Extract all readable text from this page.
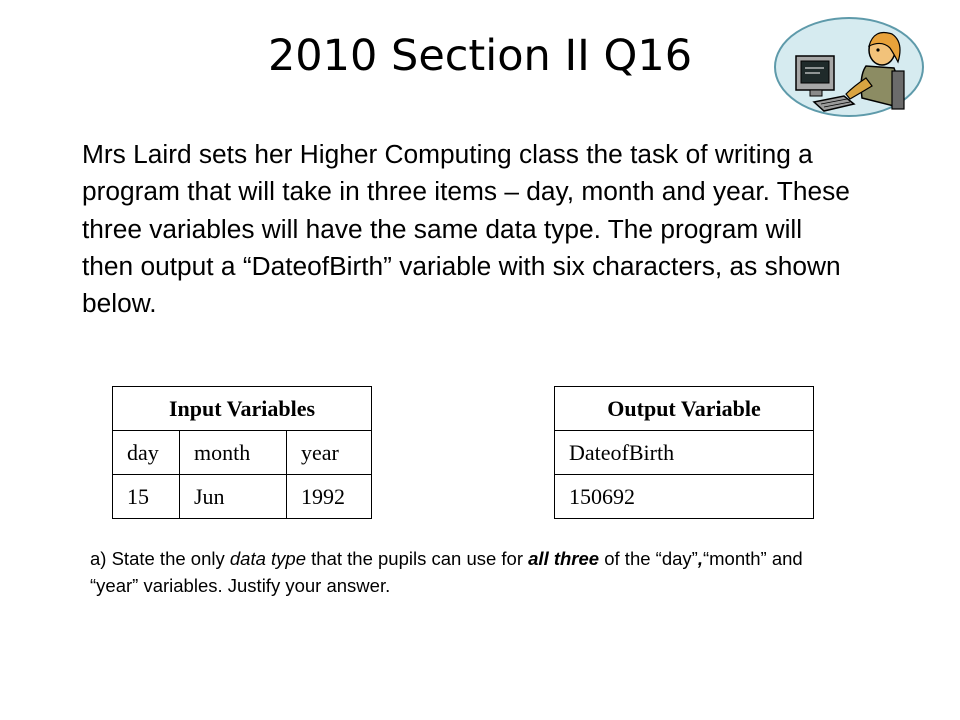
2010 Section II Q16
Mrs Laird sets her Higher Computing class the task of writing a program that will take in three items – day, month and year. These three variables will have the same data type. The program will then output a “DateofBirth” variable with six characters, as shown below.
Input Variables		
day	month	year
15	Jun	1992
Output Variable
DateofBirth
150692
a) State the only data type that the pupils can use for all three of the “day”,“month” and “year” variables. Justify your answer.
